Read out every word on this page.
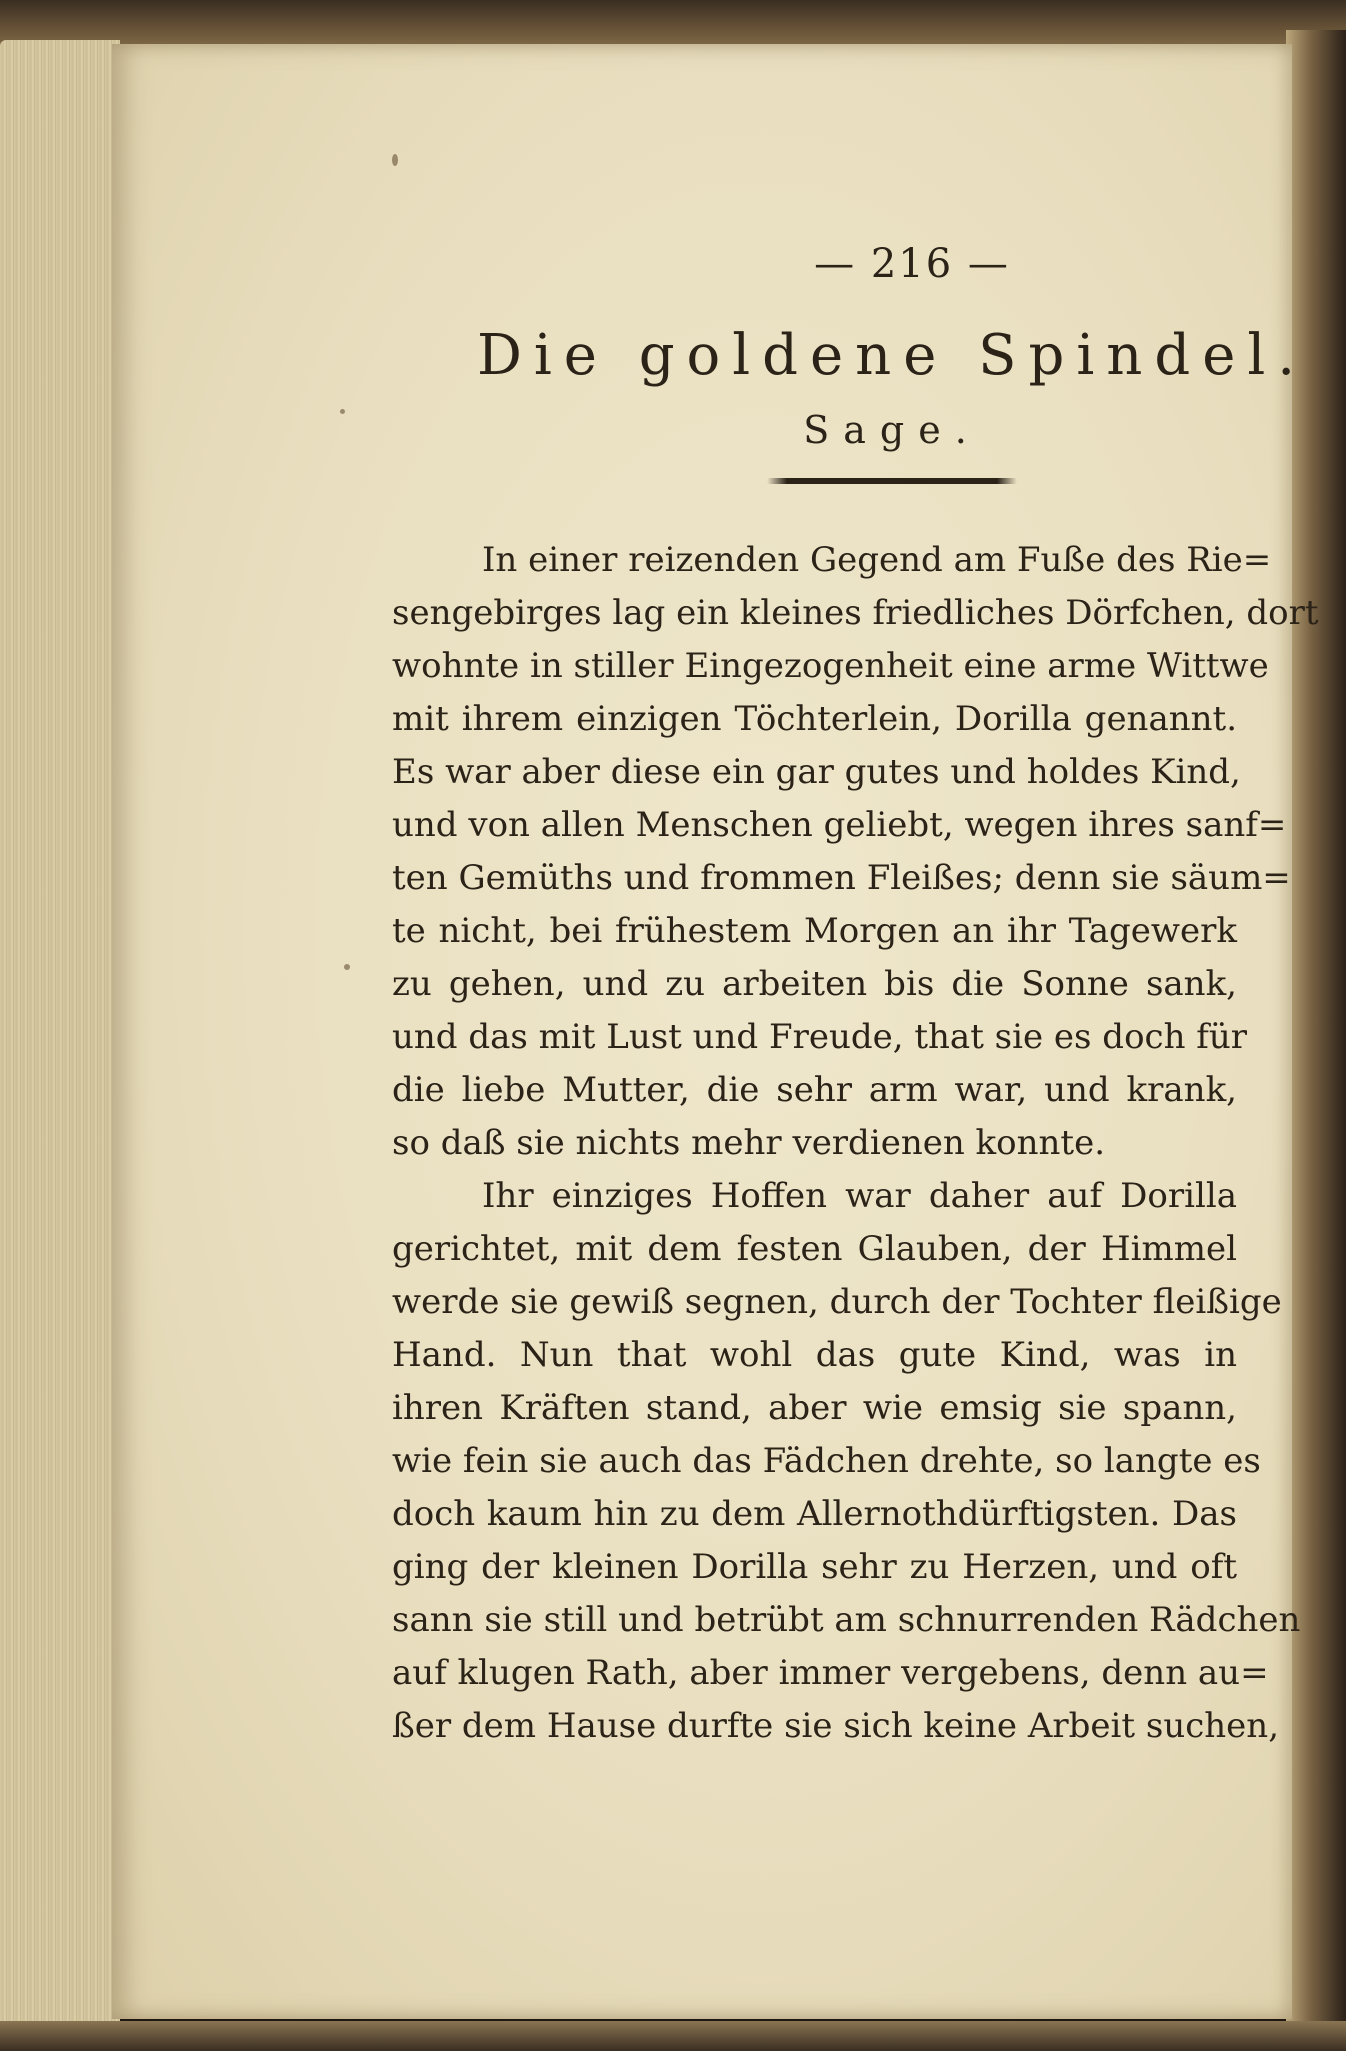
— 216 —
Die goldene Spindel.
Sage.
In einer reizenden Gegend am Fuße des Rie=
sengebirges lag ein kleines friedliches Dörfchen, dort
wohnte in stiller Eingezogenheit eine arme Wittwe
mit ihrem einzigen Töchterlein, Dorilla genannt.
Es war aber diese ein gar gutes und holdes Kind,
und von allen Menschen geliebt, wegen ihres sanf=
ten Gemüths und frommen Fleißes; denn sie säum=
te nicht, bei frühestem Morgen an ihr Tagewerk
zu gehen, und zu arbeiten bis die Sonne sank,
und das mit Lust und Freude, that sie es doch für
die liebe Mutter, die sehr arm war, und krank,
so daß sie nichts mehr verdienen konnte.
Ihr einziges Hoffen war daher auf Dorilla
gerichtet, mit dem festen Glauben, der Himmel
werde sie gewiß segnen, durch der Tochter fleißige
Hand. Nun that wohl das gute Kind, was in
ihren Kräften stand, aber wie emsig sie spann,
wie fein sie auch das Fädchen drehte, so langte es
doch kaum hin zu dem Allernothdürftigsten. Das
ging der kleinen Dorilla sehr zu Herzen, und oft
sann sie still und betrübt am schnurrenden Rädchen
auf klugen Rath, aber immer vergebens, denn au=
ßer dem Hause durfte sie sich keine Arbeit suchen,
